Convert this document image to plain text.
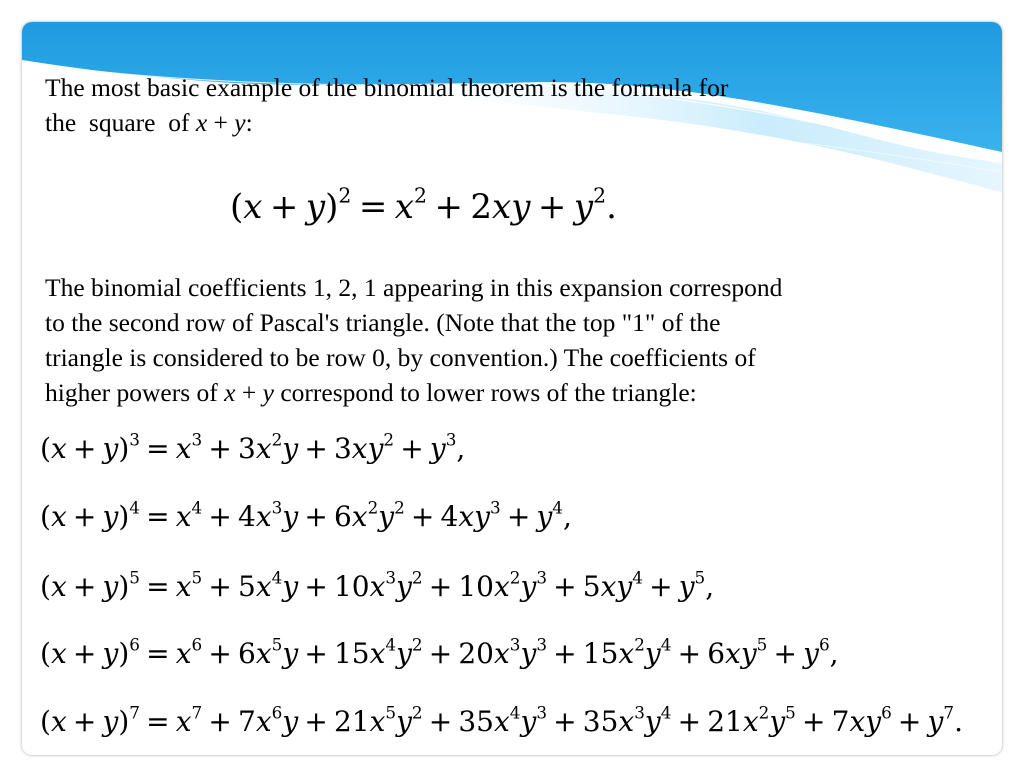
The most basic example of the binomial theorem is the formula for
the  square  of x + y:

$(x + y)^2 = x^2 + 2xy + y^2$.

The binomial coefficients 1, 2, 1 appearing in this expansion correspond
to the second row of Pascal's triangle. (Note that the top "1" of the
triangle is considered to be row 0, by convention.) The coefficients of
higher powers of x + y correspond to lower rows of the triangle:

$(x + y)^3 = x^3 + 3x^2y + 3xy^2 + y^3$,
$(x + y)^4 = x^4 + 4x^3y + 6x^2y^2 + 4xy^3 + y^4$,
$(x + y)^5 = x^5 + 5x^4y + 10x^3y^2 + 10x^2y^3 + 5xy^4 + y^5$,
$(x + y)^6 = x^6 + 6x^5y + 15x^4y^2 + 20x^3y^3 + 15x^2y^4 + 6xy^5 + y^6$,
$(x + y)^7 = x^7 + 7x^6y + 21x^5y^2 + 35x^4y^3 + 35x^3y^4 + 21x^2y^5 + 7xy^6 + y^7$.
